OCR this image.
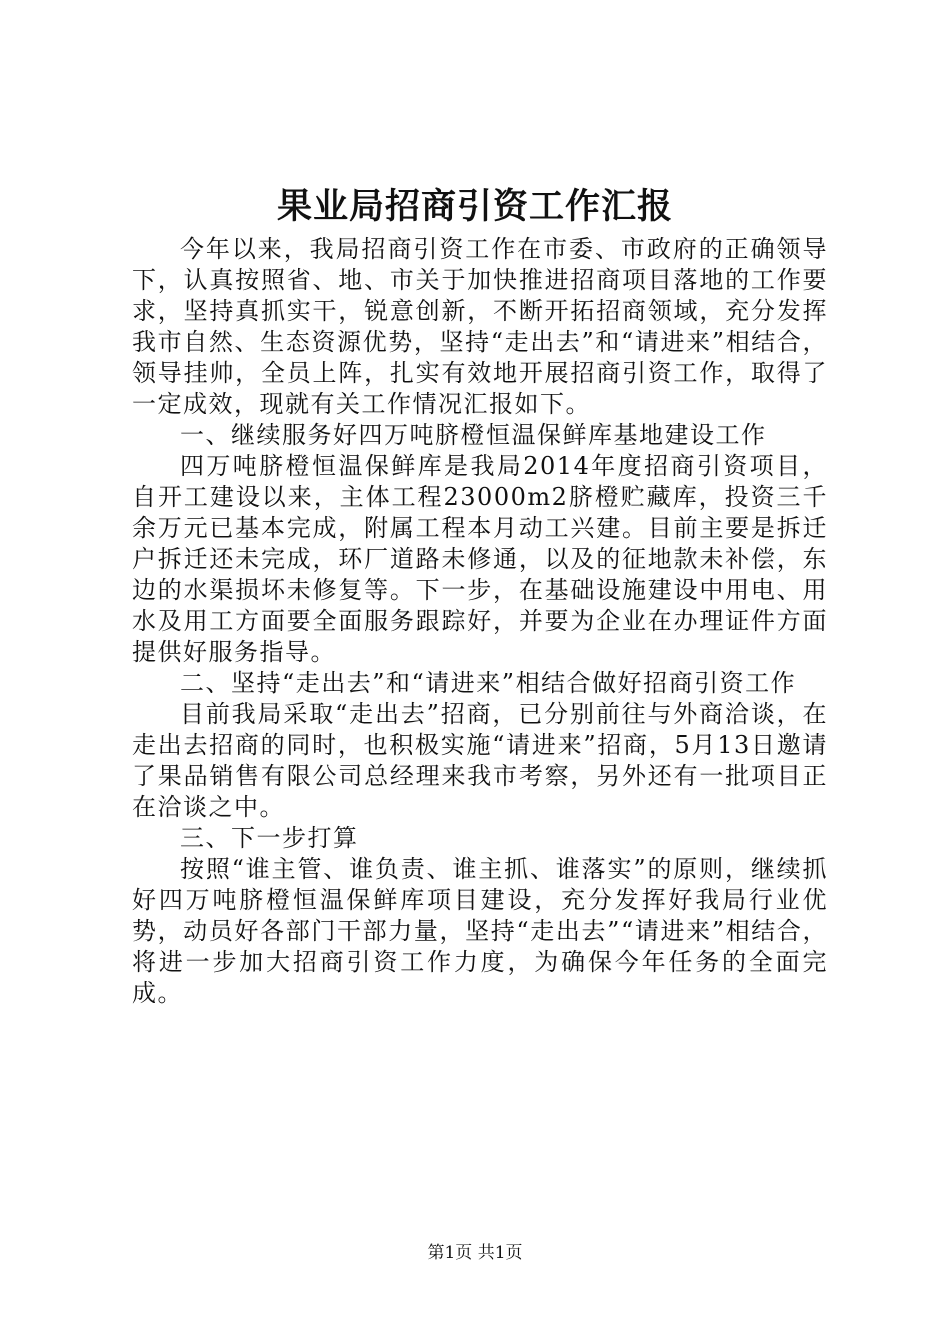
果业局招商引资工作汇报

今年以来，我局招商引资工作在市委、市政府的正确领导下，认真按照省、地、市关于加快推进招商项目落地的工作要求，坚持真抓实干，锐意创新，不断开拓招商领域，充分发挥我市自然、生态资源优势，坚持“走出去”和“请进来”相结合，领导挂帅，全员上阵，扎实有效地开展招商引资工作，取得了一定成效，现就有关工作情况汇报如下。

一、继续服务好四万吨脐橙恒温保鲜库基地建设工作

四万吨脐橙恒温保鲜库是我局2014年度招商引资项目，自开工建设以来，主体工程23000m2脐橙贮藏库，投资三千余万元已基本完成，附属工程本月动工兴建。目前主要是拆迁户拆迁还未完成，环厂道路未修通，以及的征地款未补偿，东边的水渠损坏未修复等。下一步，在基础设施建设中用电、用水及用工方面要全面服务跟踪好，并要为企业在办理证件方面提供好服务指导。

二、坚持“走出去”和“请进来”相结合做好招商引资工作

目前我局采取“走出去”招商，已分别前往与外商洽谈，在走出去招商的同时，也积极实施“请进来”招商，5月13日邀请了果品销售有限公司总经理来我市考察，另外还有一批项目正在洽谈之中。

三、下一步打算

按照“谁主管、谁负责、谁主抓、谁落实”的原则，继续抓好四万吨脐橙恒温保鲜库项目建设，充分发挥好我局行业优势，动员好各部门干部力量，坚持“走出去”“请进来”相结合，将进一步加大招商引资工作力度，为确保今年任务的全面完成。

第1页 共1页
